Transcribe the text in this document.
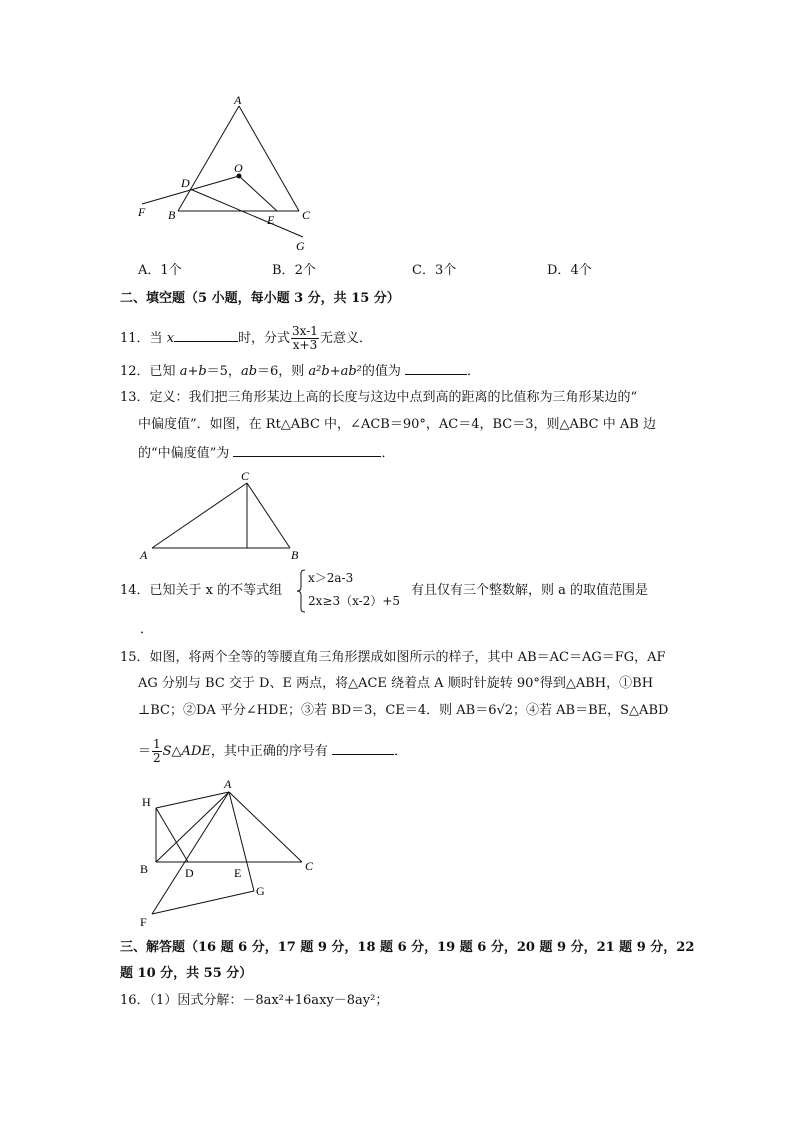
A
O
D
F B	E C
G
A．1个	B．2个	C．3个	D．4个
二、填空题（5 小题，每小题 3 分，共 15 分）
11．当 x	时，分式 $\frac{3x-1}{x+3}$ 无意义．
12．已知 a+b＝5，ab＝6，则 a²b+ab²的值为	．
13．定义：我们把三角形某边上高的长度与这边中点到高的距离的比值称为三角形某边的“
中偏度值”．如图，在 Rt△ABC 中，∠ACB＝90°，AC＝4，BC＝3，则△ABC 中 AB 边
的“中偏度值”为	．
C
A	B
14．已知关于 x 的不等式组
x＞2a-3
2x≥3（x-2）+5
有且仅有三个整数解，则 a 的取值范围是
．
15．如图，将两个全等的等腰直角三角形摆成如图所示的样子，其中 AB＝AC＝AG＝FG，AF
AG 分别与 BC 交于 D、E 两点，将△ACE 绕着点 A 顺时针旋转 90°得到△ABH，①BH
⊥BC；②DA 平分∠HDE；③若 BD＝3，CE＝4．则 AB＝6√2；④若 AB＝BE，S△ABD
＝ $\frac{1}{2}$ S△ADE，其中正确的序号有	．
A
H
B	D	E	C
G
F
三、解答题（16 题 6 分，17 题 9 分，18 题 6 分，19 题 6 分，20 题 9 分，21 题 9 分，22
题 10 分，共 55 分）
16．（1）因式分解：－8ax²+16axy－8ay²；
